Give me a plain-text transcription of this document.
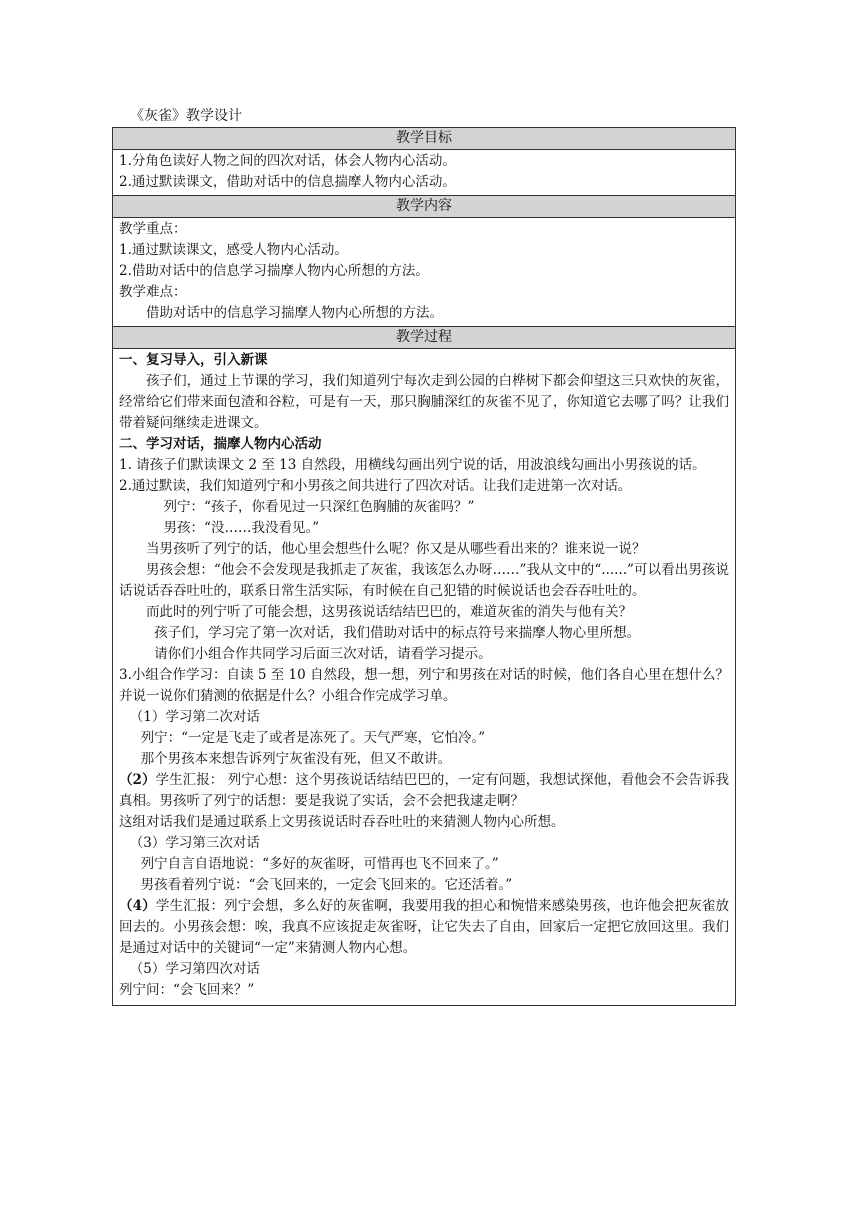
《灰雀》教学设计
教学目标

1.分角色读好人物之间的四次对话，体会人物内心活动。

2.通过默读课文，借助对话中的信息揣摩人物内心活动。

教学内容

教学重点：

1.通过默读课文，感受人物内心活动。

2.借助对话中的信息学习揣摩人物内心所想的方法。

教学难点：

借助对话中的信息学习揣摩人物内心所想的方法。

教学过程

一、复习导入，引入新课

孩子们，通过上节课的学习，我们知道列宁每次走到公园的白桦树下都会仰望这三只欢快的灰雀，经常给它们带来面包渣和谷粒，可是有一天，那只胸脯深红的灰雀不见了，你知道它去哪了吗？让我们带着疑问继续走进课文。

二、学习对话，揣摩人物内心活动

1. 请孩子们默读课文 2 至 13 自然段，用横线勾画出列宁说的话，用波浪线勾画出小男孩说的话。

2.通过默读，我们知道列宁和小男孩之间共进行了四次对话。让我们走进第一次对话。

列宁：“孩子，你看见过一只深红色胸脯的灰雀吗？”

男孩：“没……我没看见。”

当男孩听了列宁的话，他心里会想些什么呢？你又是从哪些看出来的？谁来说一说？

男孩会想：“他会不会发现是我抓走了灰雀，我该怎么办呀……”我从文中的“......”可以看出男孩说话说话吞吞吐吐的，联系日常生活实际，有时候在自己犯错的时候说话也会吞吞吐吐的。

而此时的列宁听了可能会想，这男孩说话结结巴巴的，难道灰雀的消失与他有关？

孩子们，学习完了第一次对话，我们借助对话中的标点符号来揣摩人物心里所想。

请你们小组合作共同学习后面三次对话，请看学习提示。

3.小组合作学习：自读 5 至 10 自然段，想一想，列宁和男孩在对话的时候，他们各自心里在想什么？并说一说你们猜测的依据是什么？小组合作完成学习单。

（1）学习第二次对话

列宁：“一定是飞走了或者是冻死了。天气严寒，它怕冷。”

那个男孩本来想告诉列宁灰雀没有死，但又不敢讲。

（2）学生汇报： 列宁心想：这个男孩说话结结巴巴的，一定有问题，我想试探他，看他会不会告诉我真相。男孩听了列宁的话想：要是我说了实话，会不会把我逮走啊？

这组对话我们是通过联系上文男孩说话时吞吞吐吐的来猜测人物内心所想。

（3）学习第三次对话

列宁自言自语地说：“多好的灰雀呀，可惜再也飞不回来了。”

男孩看着列宁说：“会飞回来的，一定会飞回来的。它还活着。”

（4）学生汇报：列宁会想，多么好的灰雀啊，我要用我的担心和惋惜来感染男孩，也许他会把灰雀放回去的。小男孩会想：唉，我真不应该捉走灰雀呀，让它失去了自由，回家后一定把它放回这里。我们是通过对话中的关键词“一定”来猜测人物内心想。

（5）学习第四次对话

列宁问：“会飞回来？”
